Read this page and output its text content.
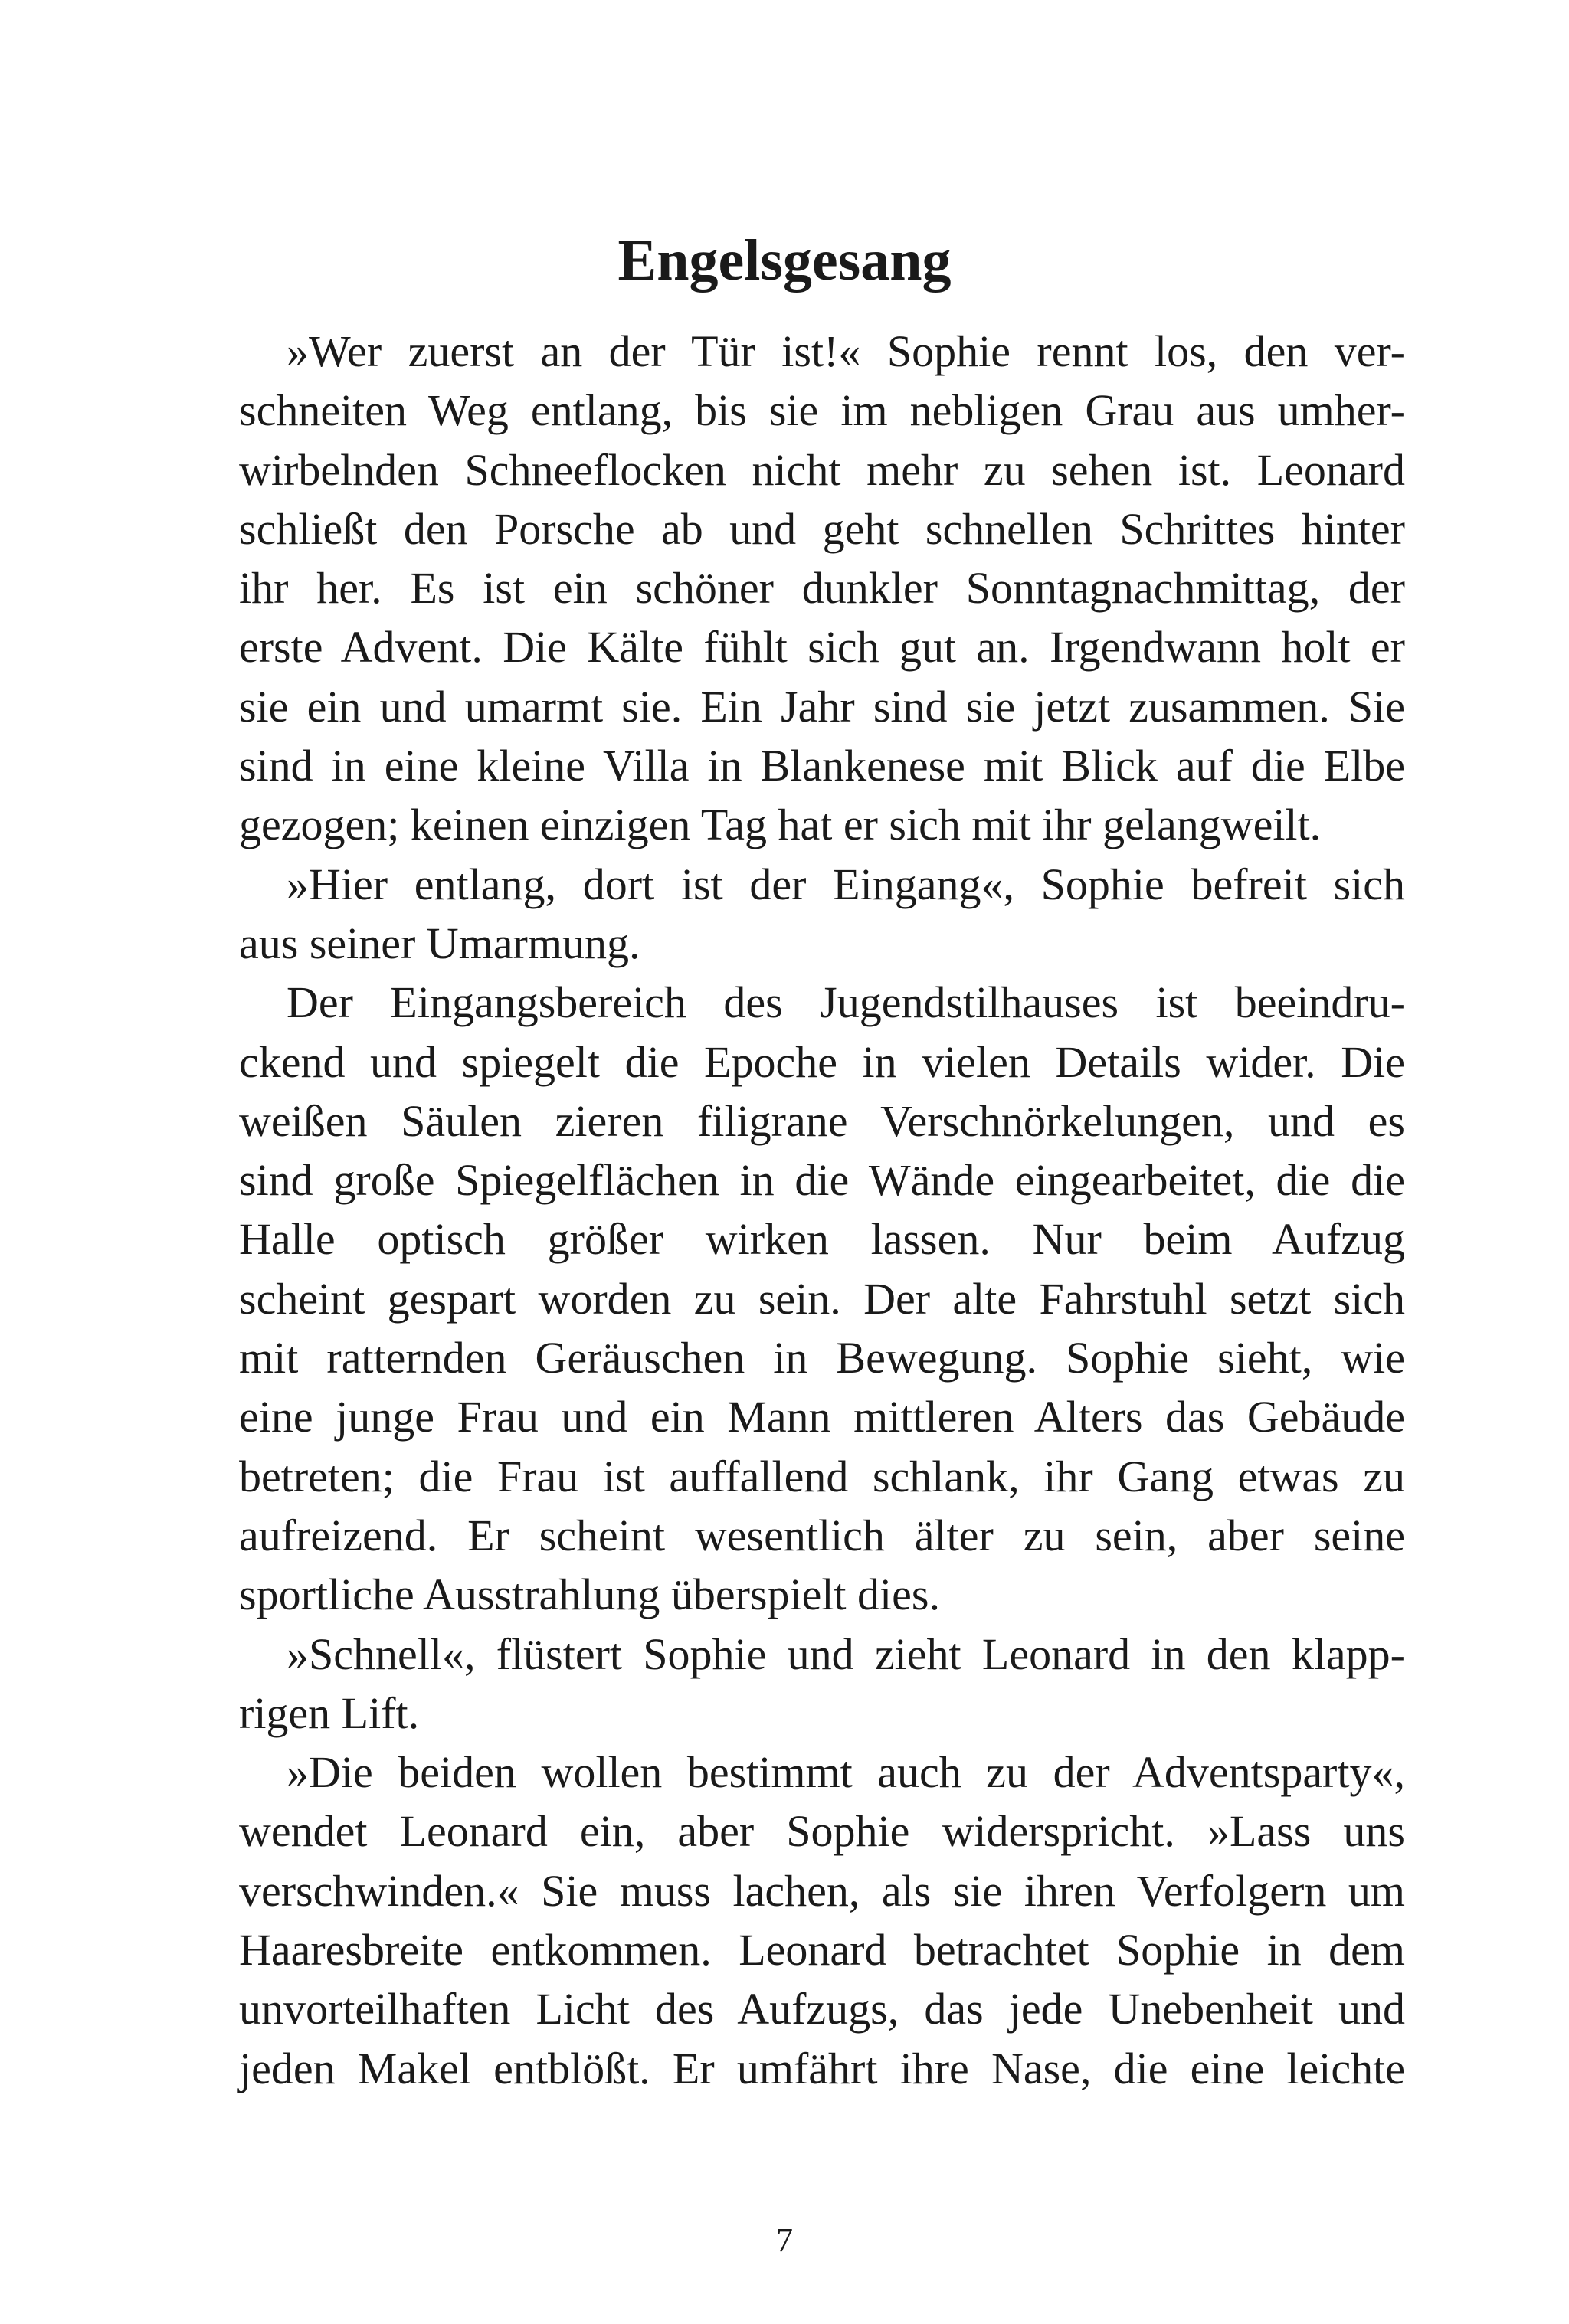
Engelsgesang

»Wer zuerst an der Tür ist!« Sophie rennt los, den ver-
schneiten Weg entlang, bis sie im nebligen Grau aus umher-
wirbelnden Schneeflocken nicht mehr zu sehen ist. Leonard
schließt den Porsche ab und geht schnellen Schrittes hinter
ihr her. Es ist ein schöner dunkler Sonntagnachmittag, der
erste Advent. Die Kälte fühlt sich gut an. Irgendwann holt er
sie ein und umarmt sie. Ein Jahr sind sie jetzt zusammen. Sie
sind in eine kleine Villa in Blankenese mit Blick auf die Elbe
gezogen; keinen einzigen Tag hat er sich mit ihr gelangweilt.

»Hier entlang, dort ist der Eingang«, Sophie befreit sich
aus seiner Umarmung.

Der Eingangsbereich des Jugendstilhauses ist beeindru-
ckend und spiegelt die Epoche in vielen Details wider. Die
weißen Säulen zieren filigrane Verschnörkelungen, und es
sind große Spiegelflächen in die Wände eingearbeitet, die die
Halle optisch größer wirken lassen. Nur beim Aufzug
scheint gespart worden zu sein. Der alte Fahrstuhl setzt sich
mit ratternden Geräuschen in Bewegung. Sophie sieht, wie
eine junge Frau und ein Mann mittleren Alters das Gebäude
betreten; die Frau ist auffallend schlank, ihr Gang etwas zu
aufreizend. Er scheint wesentlich älter zu sein, aber seine
sportliche Ausstrahlung überspielt dies.

»Schnell«, flüstert Sophie und zieht Leonard in den klapp-
rigen Lift.

»Die beiden wollen bestimmt auch zu der Adventsparty«,
wendet Leonard ein, aber Sophie widerspricht. »Lass uns
verschwinden.« Sie muss lachen, als sie ihren Verfolgern um
Haaresbreite entkommen. Leonard betrachtet Sophie in dem
unvorteilhaften Licht des Aufzugs, das jede Unebenheit und
jeden Makel entblößt. Er umfährt ihre Nase, die eine leichte

7
